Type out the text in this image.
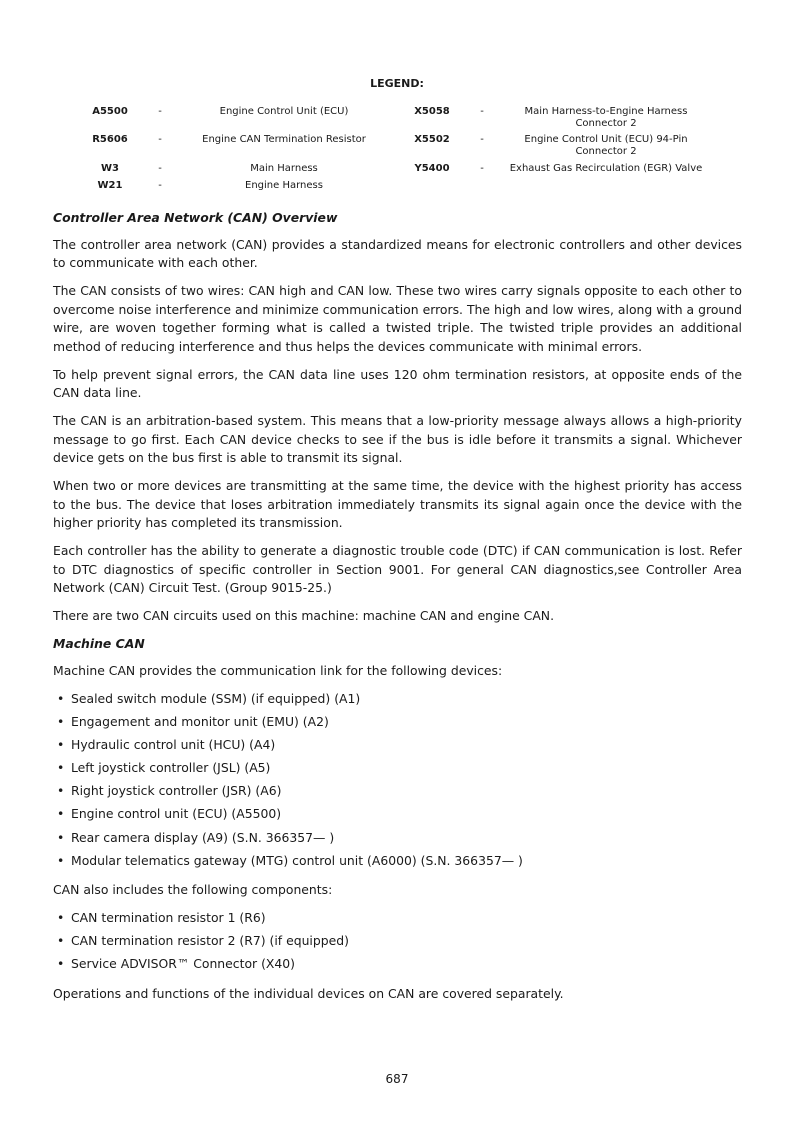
LEGEND:
A5500	-	Engine Control Unit (ECU)	X5058	-	Main Harness-to-Engine Harness
Connector 2
R5606	-	Engine CAN Termination Resistor	X5502	-	Engine Control Unit (ECU) 94-Pin
Connector 2
W3	-	Main Harness	Y5400	-	Exhaust Gas Recirculation (EGR) Valve
W21	-	Engine Harness
Controller Area Network (CAN) Overview

The controller area network (CAN) provides a standardized means for electronic controllers and other devices to communicate with each other.

The CAN consists of two wires: CAN high and CAN low. These two wires carry signals opposite to each other to overcome noise interference and minimize communication errors. The high and low wires, along with a ground wire, are woven together forming what is called a twisted triple. The twisted triple provides an additional method of reducing interference and thus helps the devices communicate with minimal errors.

To help prevent signal errors, the CAN data line uses 120 ohm termination resistors, at opposite ends of the CAN data line.

The CAN is an arbitration-based system. This means that a low-priority message always allows a high-priority message to go first. Each CAN device checks to see if the bus is idle before it transmits a signal. Whichever device gets on the bus first is able to transmit its signal.

When two or more devices are transmitting at the same time, the device with the highest priority has access to the bus. The device that loses arbitration immediately transmits its signal again once the device with the higher priority has completed its transmission.

Each controller has the ability to generate a diagnostic trouble code (DTC) if CAN communication is lost. Refer to DTC diagnostics of specific controller in Section 9001. For general CAN diagnostics,see Controller Area Network (CAN) Circuit Test. (Group 9015-25.)

There are two CAN circuits used on this machine: machine CAN and engine CAN.

Machine CAN

Machine CAN provides the communication link for the following devices:

• Sealed switch module (SSM) (if equipped) (A1)
• Engagement and monitor unit (EMU) (A2)
• Hydraulic control unit (HCU) (A4)
• Left joystick controller (JSL) (A5)
• Right joystick controller (JSR) (A6)
• Engine control unit (ECU) (A5500)
• Rear camera display (A9) (S.N. 366357— )
• Modular telematics gateway (MTG) control unit (A6000) (S.N. 366357— )

CAN also includes the following components:

• CAN termination resistor 1 (R6)
• CAN termination resistor 2 (R7) (if equipped)
• Service ADVISOR™ Connector (X40)

Operations and functions of the individual devices on CAN are covered separately.

687
